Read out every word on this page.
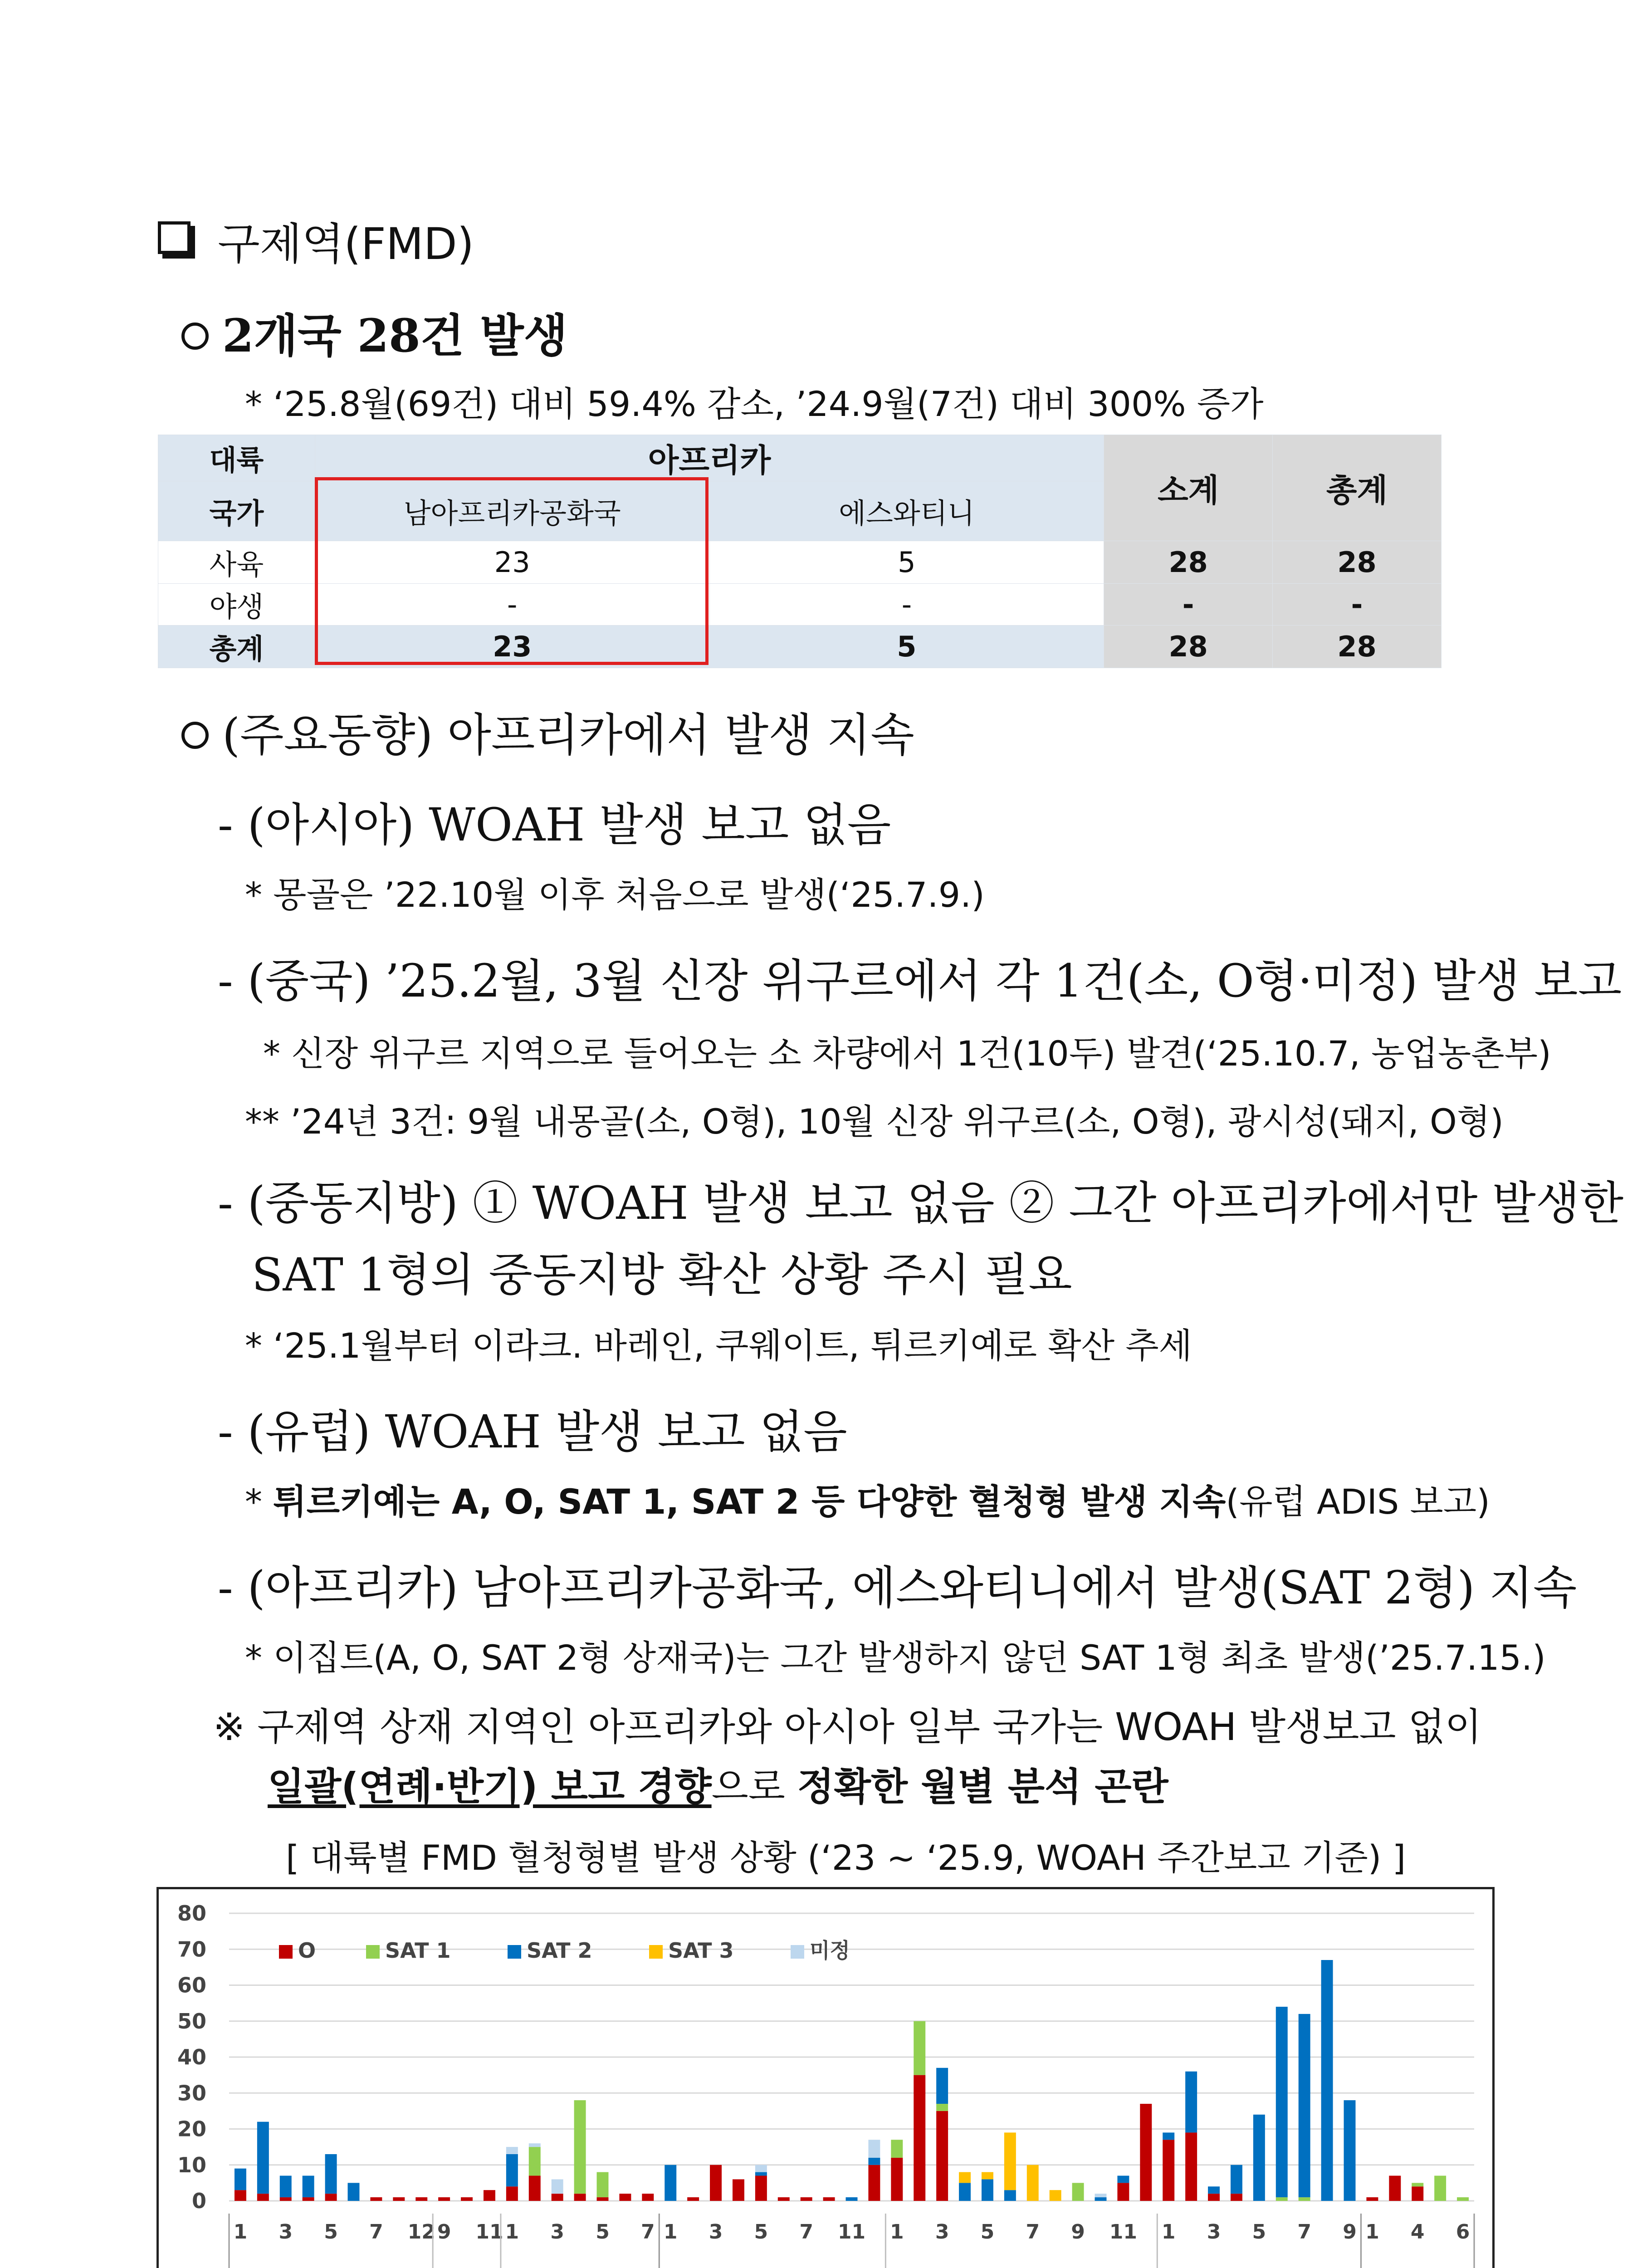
구제역(FMD)
2개국 28건 발생
* ‘25.8월(69건) 대비 59.4% 감소, ’24.9월(7건) 대비 300% 증가
대륙	아프리카		소계	총계
국가	남아프리카공화국	에스와티니		
사육	23	5	28	28
야생	-	-	-	-
총계	23	5	28	28
(주요동향) 아프리카에서 발생 지속
- (아시아) WOAH 발생 보고 없음
* 몽골은 ’22.10월 이후 처음으로 발생(‘25.7.9.)
- (중국) ’25.2월, 3월 신장 위구르에서 각 1건(소, O형·미정) 발생 보고
* 신장 위구르 지역으로 들어오는 소 차량에서 1건(10두) 발견(‘25.10.7, 농업농촌부)
** ’24년 3건: 9월 내몽골(소, O형), 10월 신장 위구르(소, O형), 광시성(돼지, O형)
- (중동지방) ① WOAH 발생 보고 없음 ② 그간 아프리카에서만 발생한
SAT 1형의 중동지방 확산 상황 주시 필요
* ‘25.1월부터 이라크. 바레인, 쿠웨이트, 튀르키예로 확산 추세
- (유럽) WOAH 발생 보고 없음
* 튀르키예는 A, O, SAT 1, SAT 2 등 다양한 혈청형 발생 지속(유럽 ADIS 보고)
- (아프리카) 남아프리카공화국, 에스와티니에서 발생(SAT 2형) 지속
* 이집트(A, O, SAT 2형 상재국)는 그간 발생하지 않던 SAT 1형 최초 발생(’25.7.15.)
※ 구제역 상재 지역인 아프리카와 아시아 일부 국가는 WOAH 발생보고 없이
일괄(연례·반기) 보고 경향으로 정확한 월별 분석 곤란
[ 대륙별 FMD 혈청형별 발생 상황 (‘23 ~ ‘25.9, WOAH 주간보고 기준) ]
0
10
20
30
40
50
60
70
80
1 3 5 7 12 9 11 1 3 5 7 1 3 5 7 11 1 3 5 7 9 11 1 3 5 7 9 1 4 6
O	SAT 1	SAT 2	SAT 3	미정
